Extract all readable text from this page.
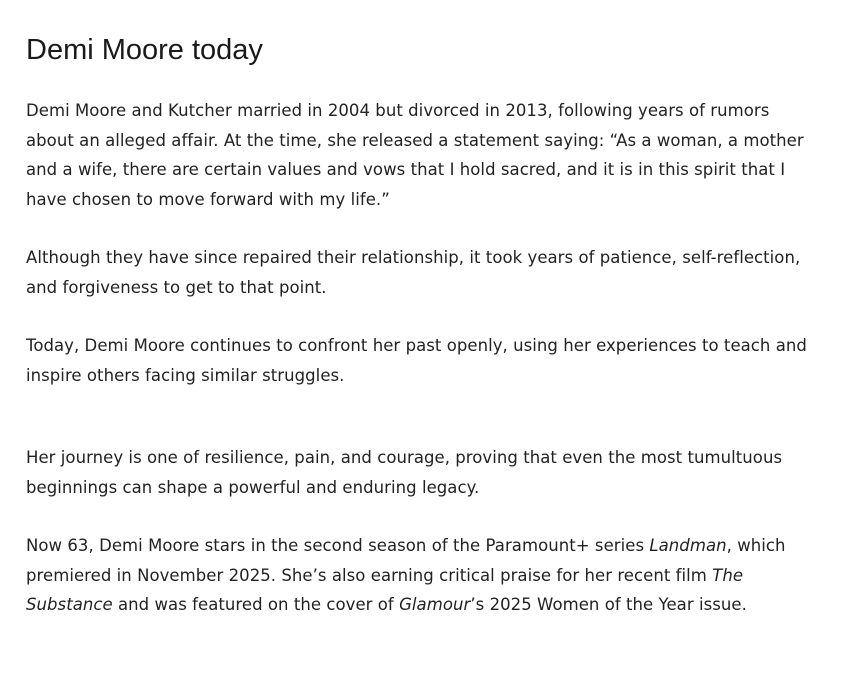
Demi Moore today

Demi Moore and Kutcher married in 2004 but divorced in 2013, following years of rumors about an alleged affair. At the time, she released a statement saying: “As a woman, a mother and a wife, there are certain values and vows that I hold sacred, and it is in this spirit that I have chosen to move forward with my life.”

Although they have since repaired their relationship, it took years of patience, self-reflection, and forgiveness to get to that point.

Today, Demi Moore continues to confront her past openly, using her experiences to teach and inspire others facing similar struggles.

Her journey is one of resilience, pain, and courage, proving that even the most tumultuous beginnings can shape a powerful and enduring legacy.

Now 63, Demi Moore stars in the second season of the Paramount+ series Landman, which premiered in November 2025. She’s also earning critical praise for her recent film The Substance and was featured on the cover of Glamour’s 2025 Women of the Year issue.
